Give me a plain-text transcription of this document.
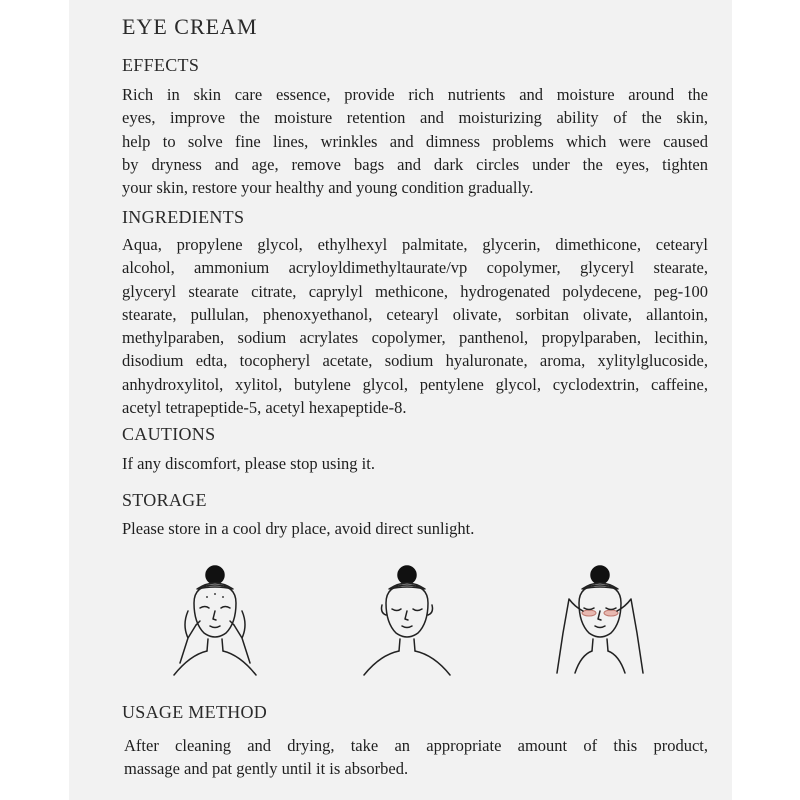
EYE CREAM
EFFECTS
Rich in skin care essence, provide rich nutrients and moisture around the
eyes, improve the moisture retention and moisturizing ability of the skin,
help to solve fine lines, wrinkles and dimness problems which were caused
by dryness and age, remove bags and dark circles under the eyes, tighten
your skin, restore your healthy and young condition gradually.
INGREDIENTS
Aqua, propylene glycol, ethylhexyl palmitate, glycerin, dimethicone, cetearyl
alcohol, ammonium acryloyldimethyltaurate/vp copolymer, glyceryl stearate,
glyceryl stearate citrate, caprylyl methicone, hydrogenated polydecene, peg-100
stearate, pullulan, phenoxyethanol, cetearyl olivate, sorbitan olivate, allantoin,
methylparaben, sodium acrylates copolymer, panthenol, propylparaben, lecithin,
disodium edta, tocopheryl acetate, sodium hyaluronate, aroma, xylitylglucoside,
anhydroxylitol, xylitol, butylene glycol, pentylene glycol, cyclodextrin, caffeine,
acetyl tetrapeptide-5, acetyl hexapeptide-8.
CAUTIONS
If any discomfort, please stop using it.
STORAGE
Please store in a cool dry place, avoid direct sunlight.
USAGE METHOD
After cleaning and drying, take an appropriate amount of this product,
massage and pat gently until it is absorbed.
